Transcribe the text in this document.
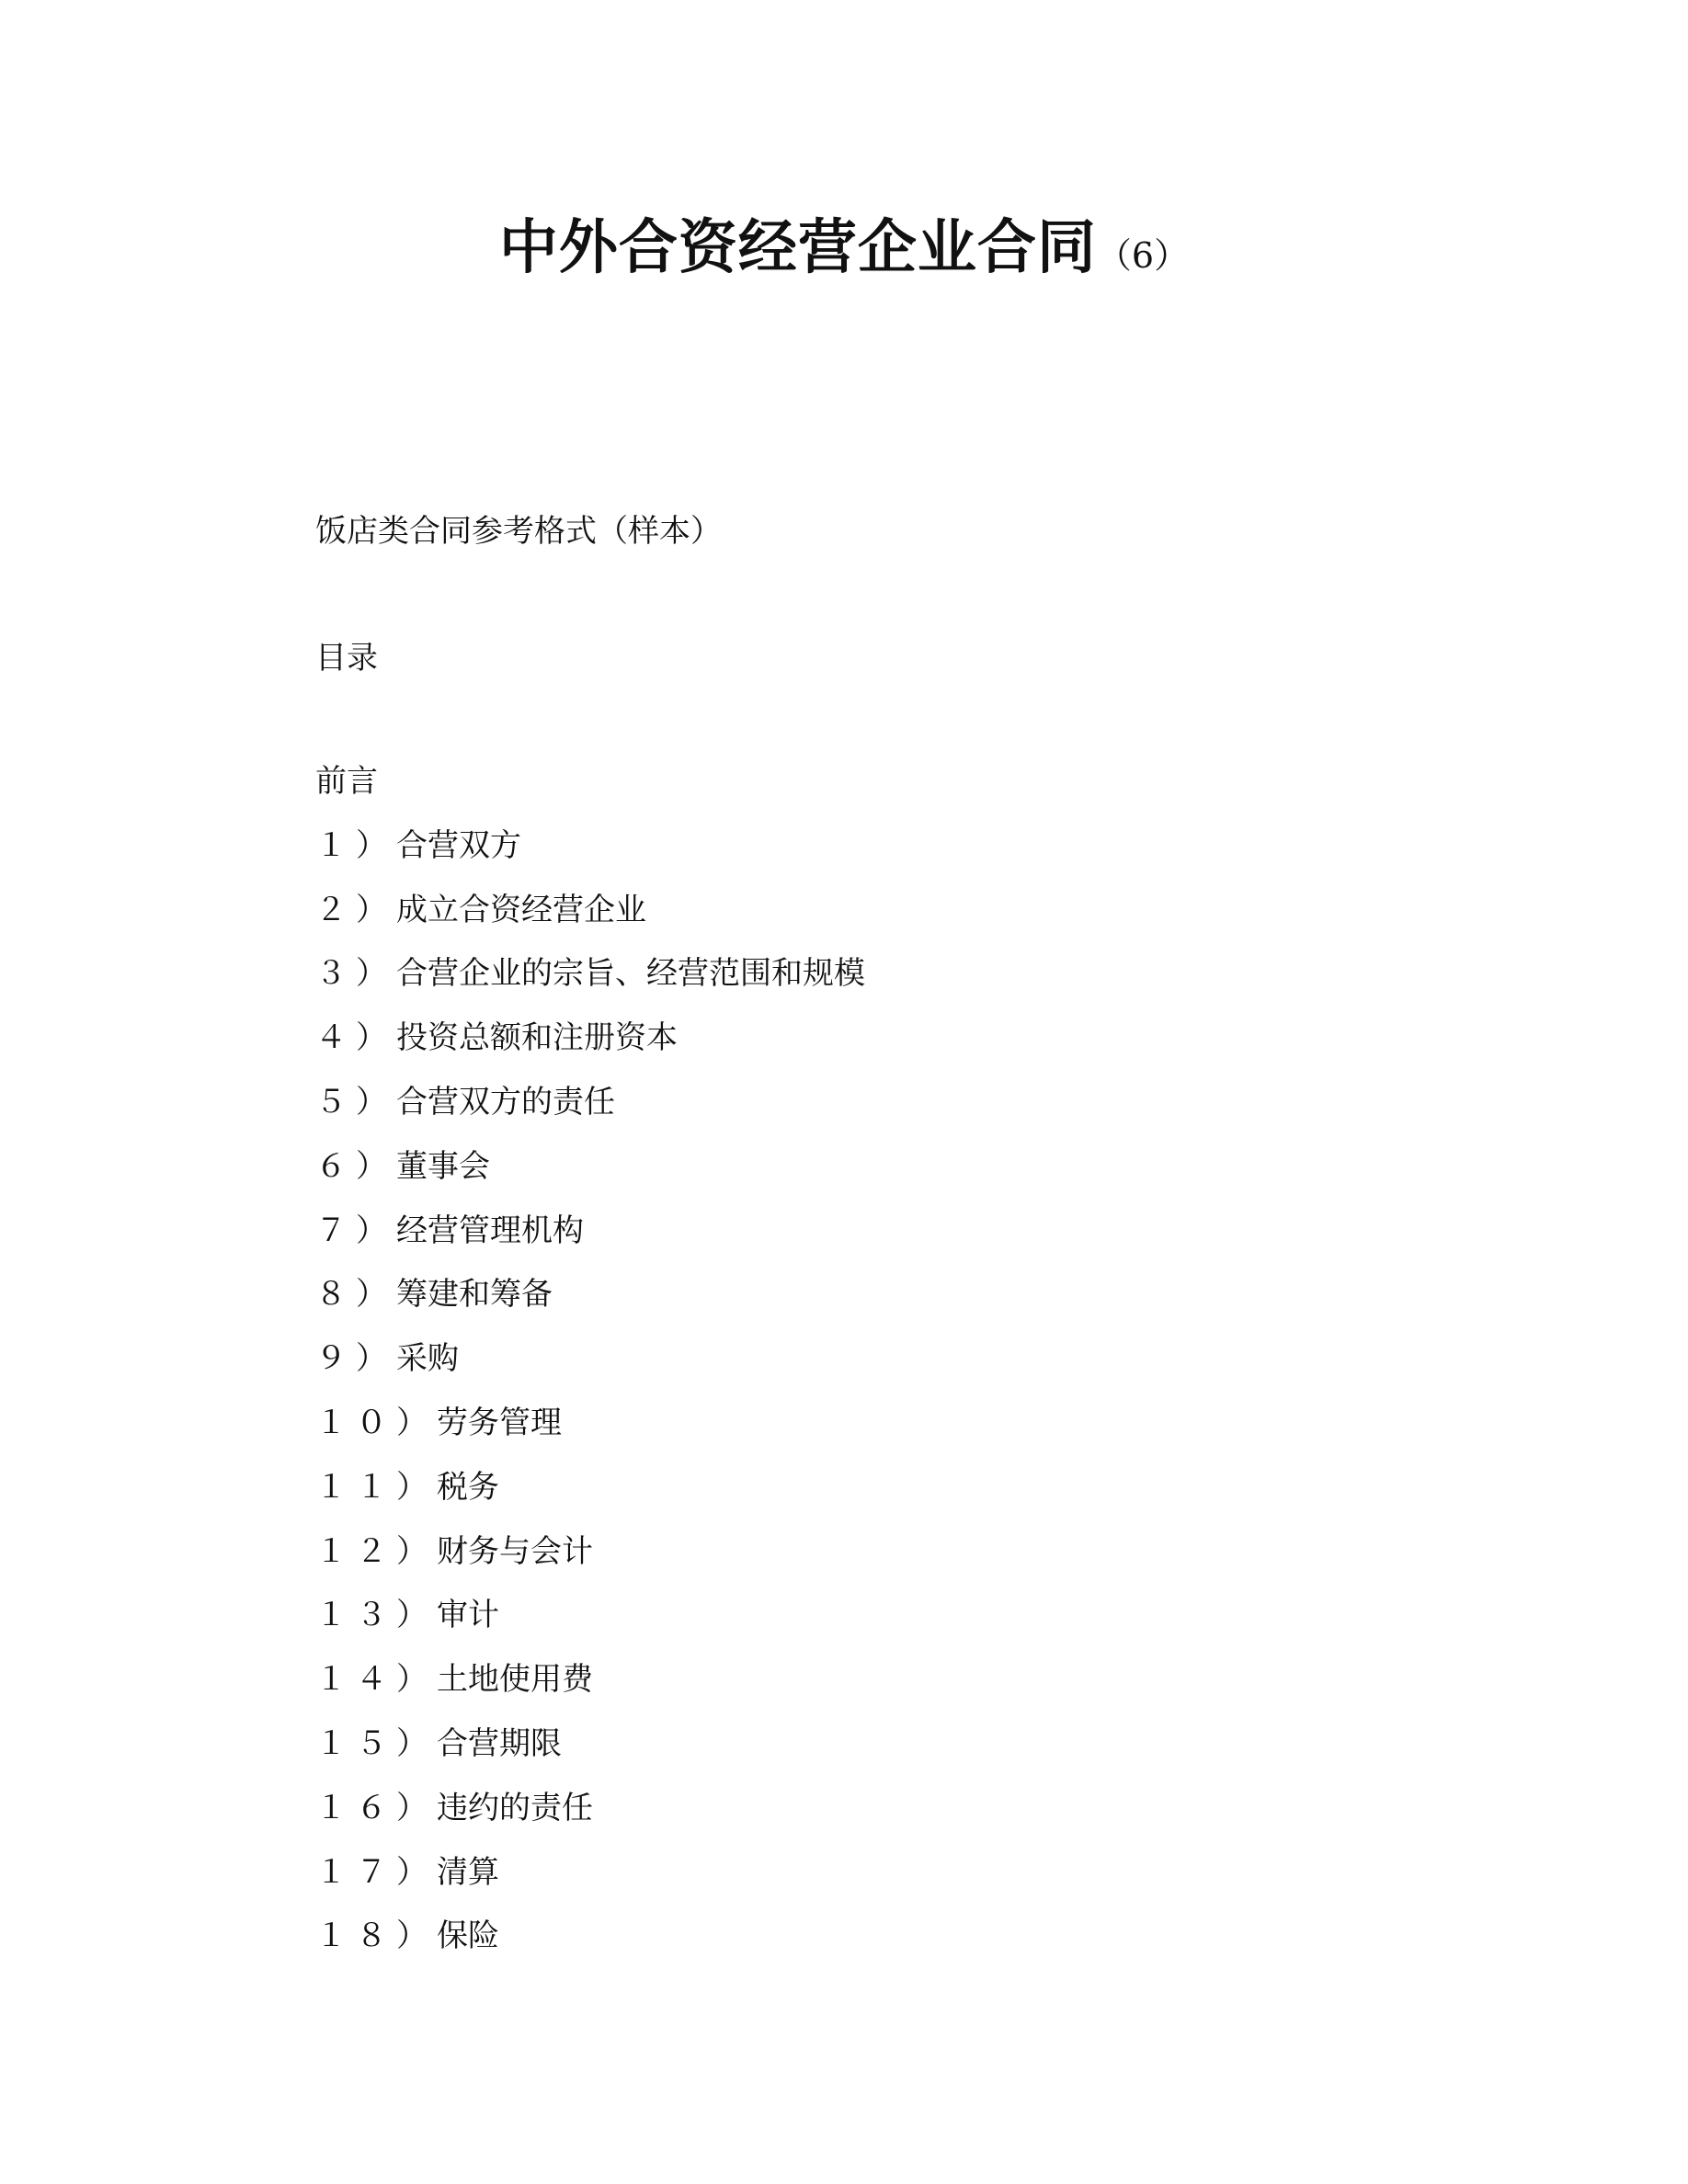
中外合资经营企业合同（6）

饭店类合同参考格式（样本）

目录

前言
１）合营双方
２）成立合资经营企业
３）合营企业的宗旨、经营范围和规模
４）投资总额和注册资本
５）合营双方的责任
６）董事会
７）经营管理机构
８）筹建和筹备
９）采购
１０）劳务管理
１１）税务
１２）财务与会计
１３）审计
１４）土地使用费
１５）合营期限
１６）违约的责任
１７）清算
１８）保险
